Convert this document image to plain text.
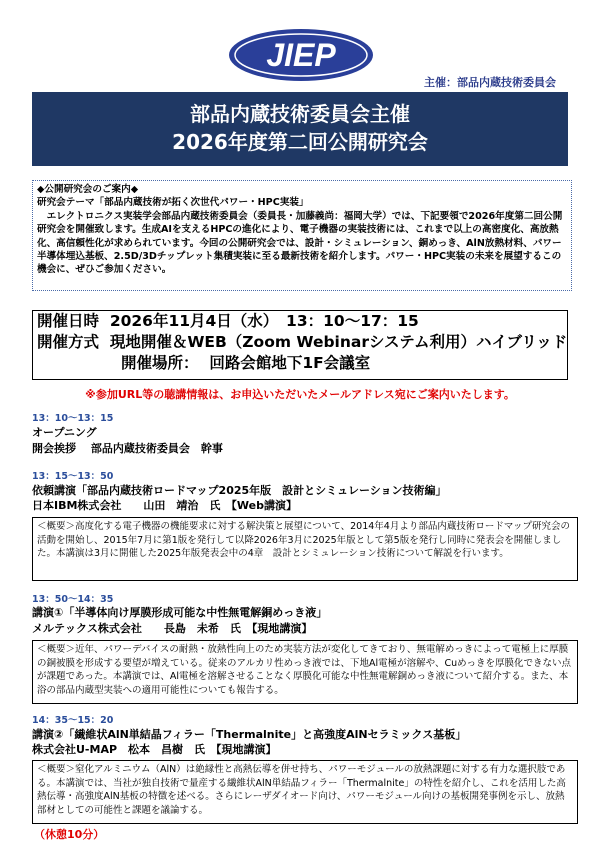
JIEP
主催：部品内蔵技術委員会
部品内蔵技術委員会主催
2026年度第二回公開研究会
◆公開研究会のご案内◆
研究会テーマ「部品内蔵技術が拓く次世代パワー・HPC実装」
　エレクトロニクス実装学会部品内蔵技術委員会（委員長・加藤義尚：福岡大学）では、下記要領で2026年度第二回公開研究会を開催致します。生成AIを支えるHPCの進化により、電子機器の実装技術には、これまで以上の高密度化、高放熱化、高信頼性化が求められています。今回の公開研究会では、設計・シミュレーション、銅めっき、AlN放熱材料、パワー半導体埋込基板、2.5D/3Dチップレット集積実装に至る最新技術を紹介します。パワー・HPC実装の未来を展望するこの機会に、ぜひご参加ください。
開催日時 2026年11月4日（水）　13：10～17：15
開催方式 現地開催＆WEB（Zoom Webinarシステム利用）ハイブリッド
開催場所： 回路会館地下1F会議室
※参加URL等の聴講情報は、お申込いただいたメールアドレス宛にご案内いたします。
13：10～13：15
オープニング
開会挨拶　 部品内蔵技術委員会　幹事
13：15～13：50
依頼講演「部品内蔵技術ロードマップ2025年版　設計とシミュレーション技術編」
日本IBM株式会社　　山田　靖治　氏　【Web講演】
＜概要＞高度化する電子機器の機能要求に対する解決策と展望について、2014年4月より部品内蔵技術ロードマップ研究会の活動を開始し、2015年7月に第1版を発行して以降2026年3月に2025年版として第5版を発行し同時に発表会を開催しました。本講演は3月に開催した2025年版発表会中の4章　設計とシミュレーション技術について解説を行います。
13：50～14：35
講演①「半導体向け厚膜形成可能な中性無電解銅めっき液」
メルテックス株式会社　　長島　未希　氏　【現地講演】
＜概要＞近年、パワーデバイスの耐熱・放熱性向上のため実装方法が変化してきており、無電解めっきによって電極上に厚膜の銅被膜を形成する要望が増えている。従来のアルカリ性めっき液では、下地Al電極が溶解や、Cuめっきを厚膜化できない点が課題であった。本講演では、Al電極を溶解させることなく厚膜化可能な中性無電解銅めっき液について紹介する。また、本浴の部品内蔵型実装への適用可能性についても報告する。
14：35～15：20
講演②「繊維状AlN単結晶フィラー「Thermalnite」と高強度AlNセラミックス基板」
株式会社U-MAP　松本　昌樹　氏　【現地講演】
＜概要＞窒化アルミニウム（AlN）は絶縁性と高熱伝導を併せ持ち、パワーモジュールの放熱課題に対する有力な選択肢である。本講演では、当社が独自技術で量産する繊維状AlN単結晶フィラー「Thermalnite」の特性を紹介し、これを活用した高熱伝導・高強度AlN基板の特徴を述べる。さらにレーザダイオード向け、パワーモジュール向けの基板開発事例を示し、放熱部材としての可能性と課題を議論する。
（休憩10分）
